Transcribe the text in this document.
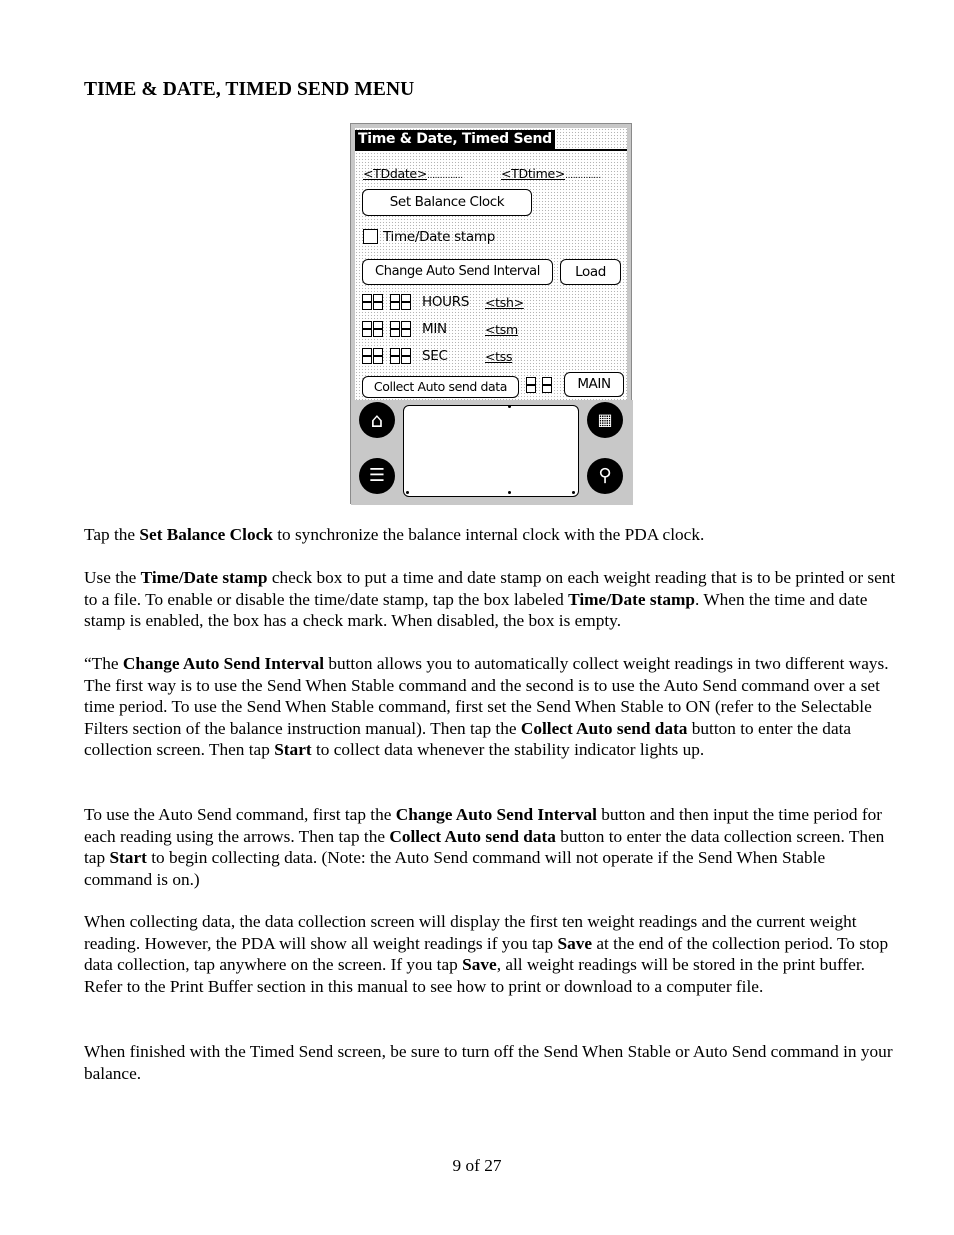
TIME & DATE, TIMED SEND MENU
Time & Date, Timed Send
<TDdate>..............	<TDtime>..............
Set Balance Clock
Time/Date stamp
Change Auto Send Interval	Load
HOURS <tsh>
MIN	<tsm
SEC	<tss
Collect Auto send data	MAIN
⌂	▦
☰	⚲
Tap the Set Balance Clock to synchronize the balance internal clock with the PDA clock.
Use the Time/Date stamp check box to put a time and date stamp on each weight reading that is to be printed or sent to a file. To enable or disable the time/date stamp, tap the box labeled Time/Date stamp. When the time and date stamp is enabled, the box has a check mark. When disabled, the box is empty.
“The Change Auto Send Interval button allows you to automatically collect weight readings in two different ways. The first way is to use the Send When Stable command and the second is to use the Auto Send command over a set time period. To use the Send When Stable command, first set the Send When Stable to ON (refer to the Selectable Filters section of the balance instruction manual). Then tap the Collect Auto send data button to enter the data collection screen. Then tap Start to collect data whenever the stability indicator lights up.
To use the Auto Send command, first tap the Change Auto Send Interval button and then input the time period for each reading using the arrows. Then tap the Collect Auto send data button to enter the data collection screen. Then tap Start to begin collecting data. (Note: the Auto Send command will not operate if the Send When Stable command is on.)
When collecting data, the data collection screen will display the first ten weight readings and the current weight reading. However, the PDA will show all weight readings if you tap Save at the end of the collection period. To stop data collection, tap anywhere on the screen. If you tap Save, all weight readings will be stored in the print buffer. Refer to the Print Buffer section in this manual to see how to print or download to a computer file.
When finished with the Timed Send screen, be sure to turn off the Send When Stable or Auto Send command in your balance.
9 of 27
